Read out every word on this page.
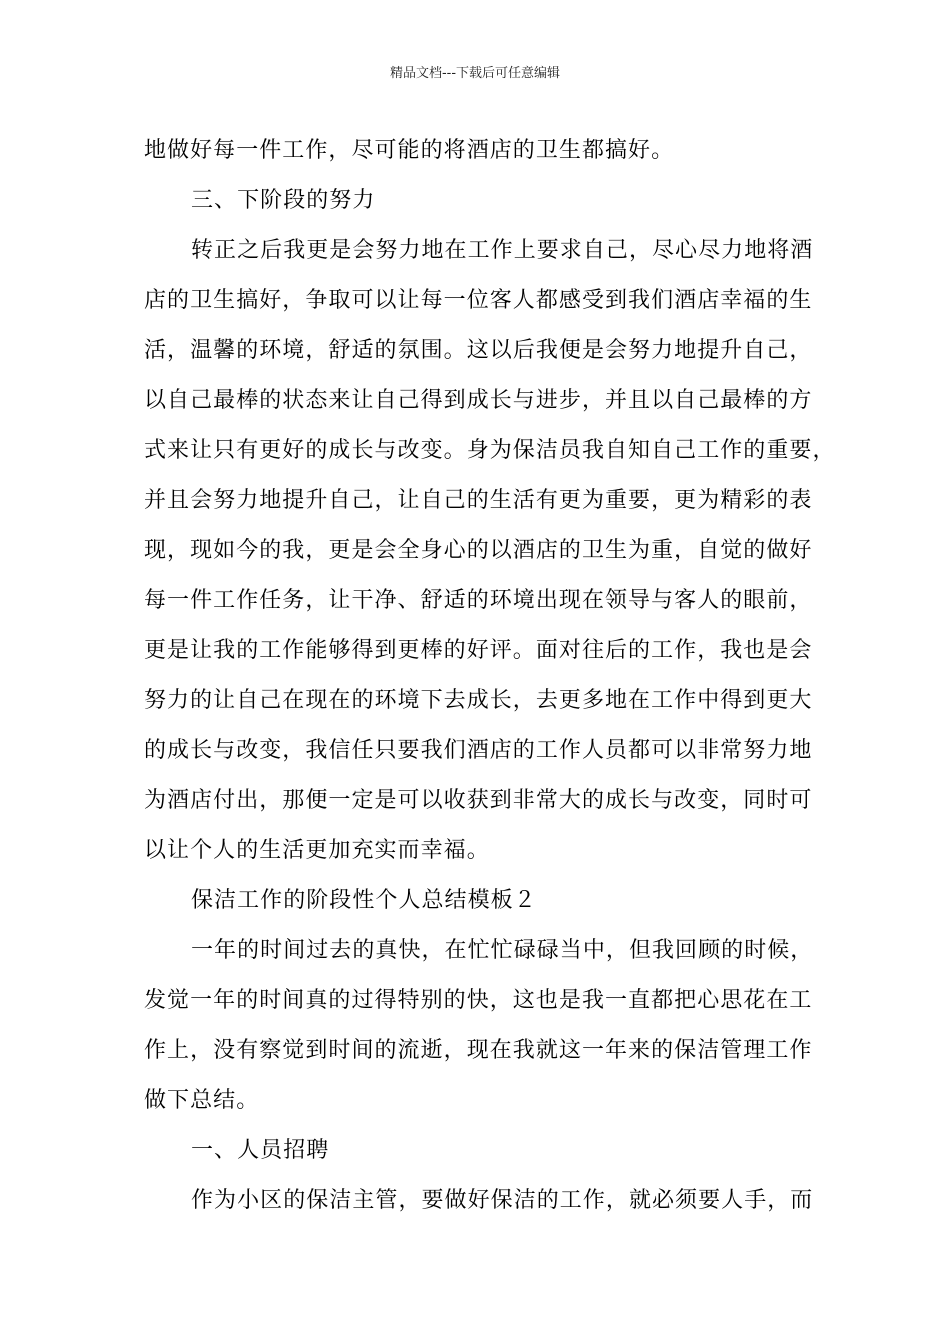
精品文档---下载后可任意编辑
地做好每一件工作，尽可能的将酒店的卫生都搞好。
三、下阶段的努力
转正之后我更是会努力地在工作上要求自己，尽心尽力地将酒
店的卫生搞好，争取可以让每一位客人都感受到我们酒店幸福的生
活，温馨的环境，舒适的氛围。这以后我便是会努力地提升自己，
以自己最棒的状态来让自己得到成长与进步，并且以自己最棒的方
式来让只有更好的成长与改变。身为保洁员我自知自己工作的重要，
并且会努力地提升自己，让自己的生活有更为重要，更为精彩的表
现，现如今的我，更是会全身心的以酒店的卫生为重，自觉的做好
每一件工作任务，让干净、舒适的环境出现在领导与客人的眼前，
更是让我的工作能够得到更棒的好评。面对往后的工作，我也是会
努力的让自己在现在的环境下去成长，去更多地在工作中得到更大
的成长与改变，我信任只要我们酒店的工作人员都可以非常努力地
为酒店付出，那便一定是可以收获到非常大的成长与改变，同时可
以让个人的生活更加充实而幸福。
保洁工作的阶段性个人总结模板２
一年的时间过去的真快，在忙忙碌碌当中，但我回顾的时候，
发觉一年的时间真的过得特别的快，这也是我一直都把心思花在工
作上，没有察觉到时间的流逝，现在我就这一年来的保洁管理工作
做下总结。
一、人员招聘
作为小区的保洁主管，要做好保洁的工作，就必须要人手，而
